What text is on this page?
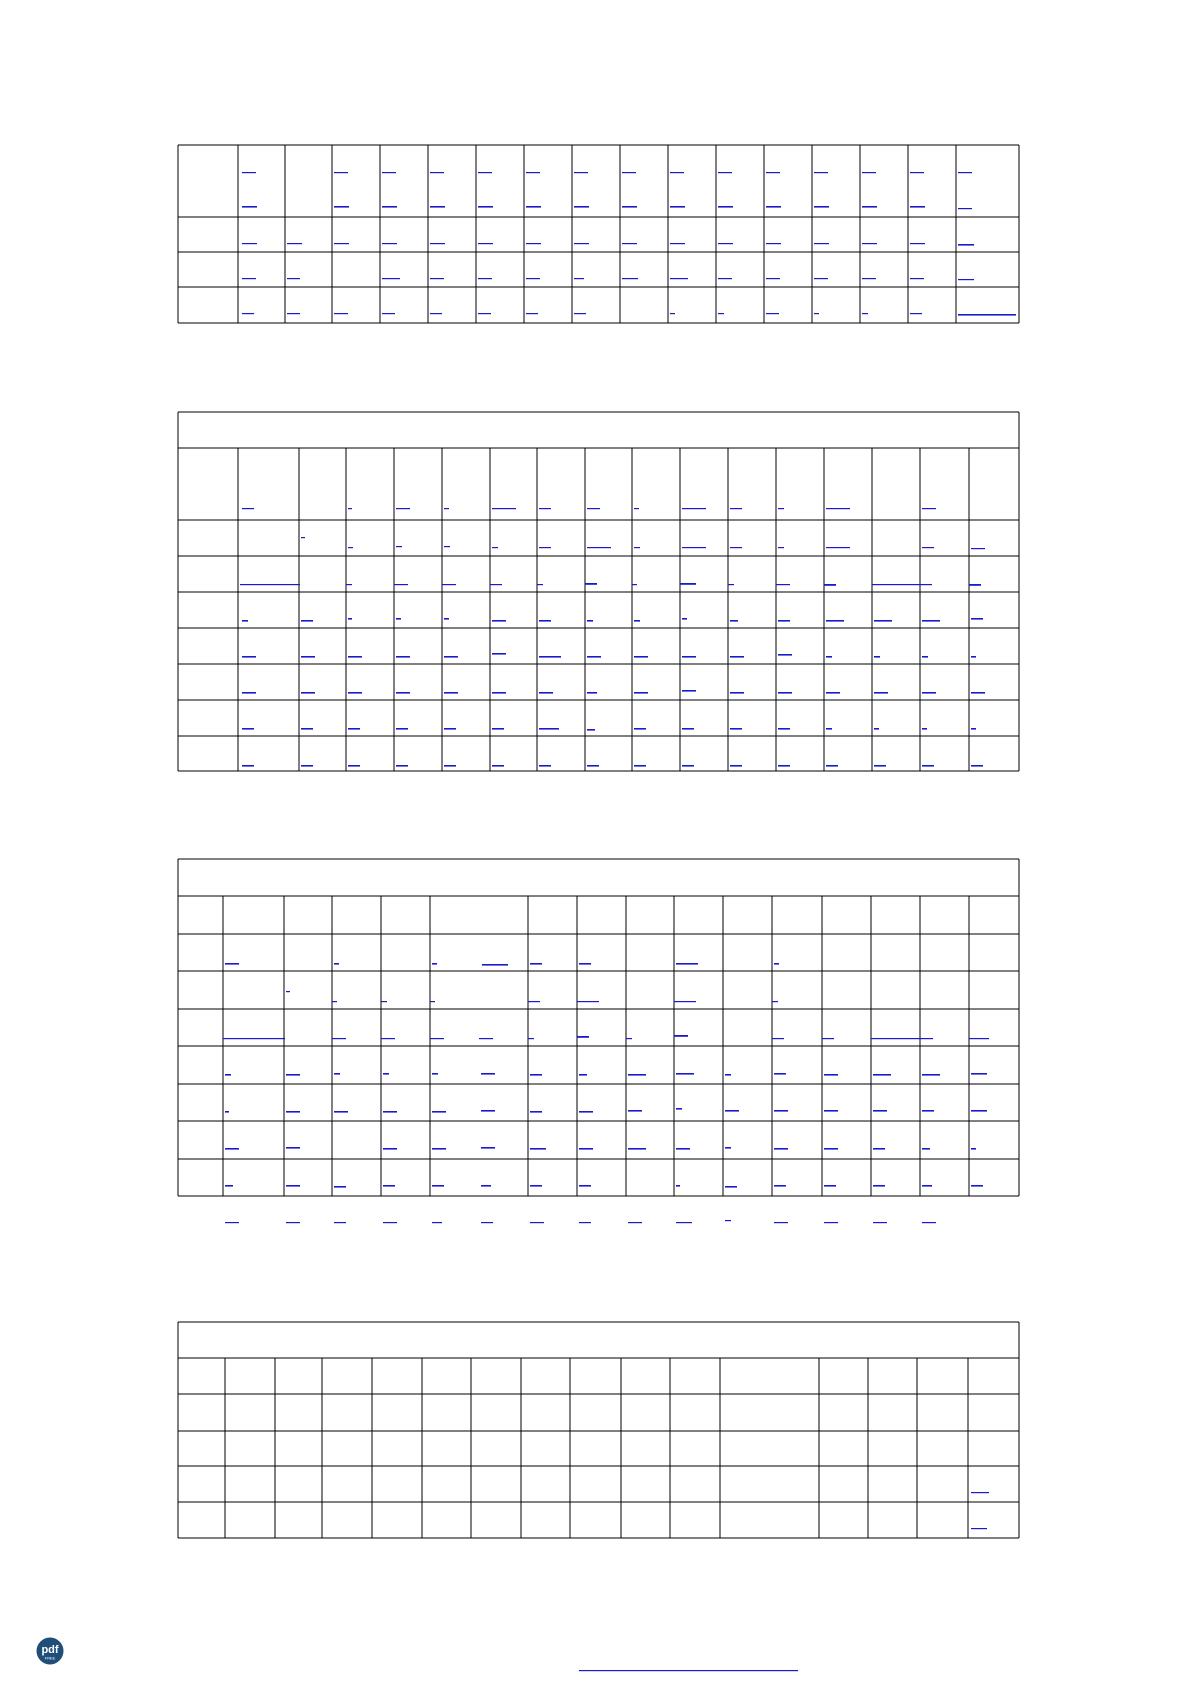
pdf
FREE
